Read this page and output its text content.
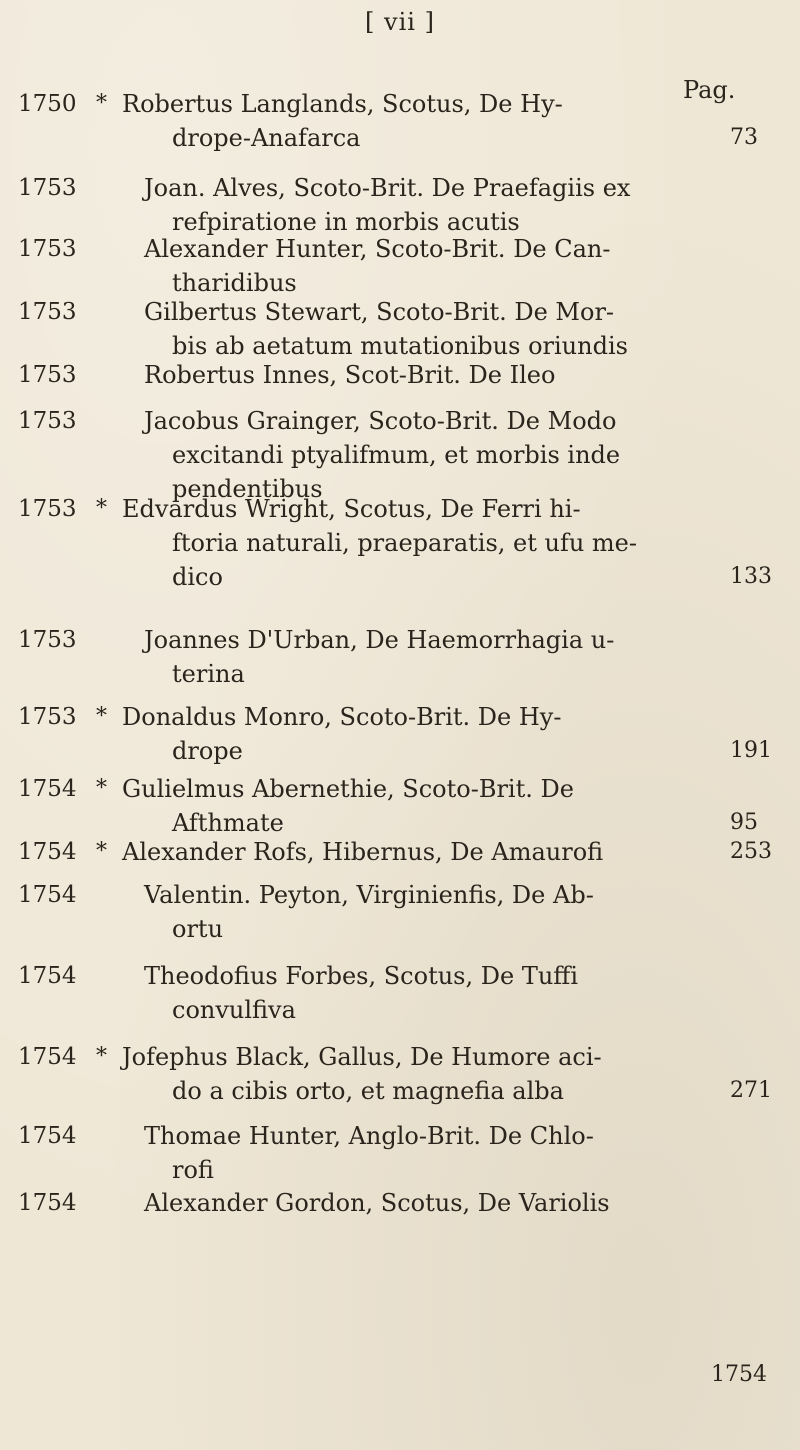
[ vii ]
Pag.
1750 * Robertus Langlands, Scotus, De Hy-
drope-Anafarca	73
1753	Joan. Alves, Scoto-Brit. De Praefagiis ex
refpiratione in morbis acutis
1753	Alexander Hunter, Scoto-Brit. De Can-
tharidibus
1753	Gilbertus Stewart, Scoto-Brit. De Mor-
bis ab aetatum mutationibus oriundis
1753	Robertus Innes, Scot-Brit. De Ileo
1753	Jacobus Grainger, Scoto-Brit. De Modo
excitandi ptyalifmum, et morbis inde
pendentibus
1753 * Edvardus Wright, Scotus, De Ferri hi-
ftoria naturali, praeparatis, et ufu me-
dico	133
1753	Joannes D'Urban, De Haemorrhagia u-
terina
1753 * Donaldus Monro, Scoto-Brit. De Hy-
drope	191
1754 * Gulielmus Abernethie, Scoto-Brit. De
Afthmate	95
1754 * Alexander Rofs, Hibernus, De Amaurofi	253
1754	Valentin. Peyton, Virginienfis, De Ab-
ortu
1754	Theodofius Forbes, Scotus, De Tuffi
convulfiva
1754 * Jofephus Black, Gallus, De Humore aci-
do a cibis orto, et magnefia alba	271
1754	Thomae Hunter, Anglo-Brit. De Chlo-
rofi
1754	Alexander Gordon, Scotus, De Variolis
1754
